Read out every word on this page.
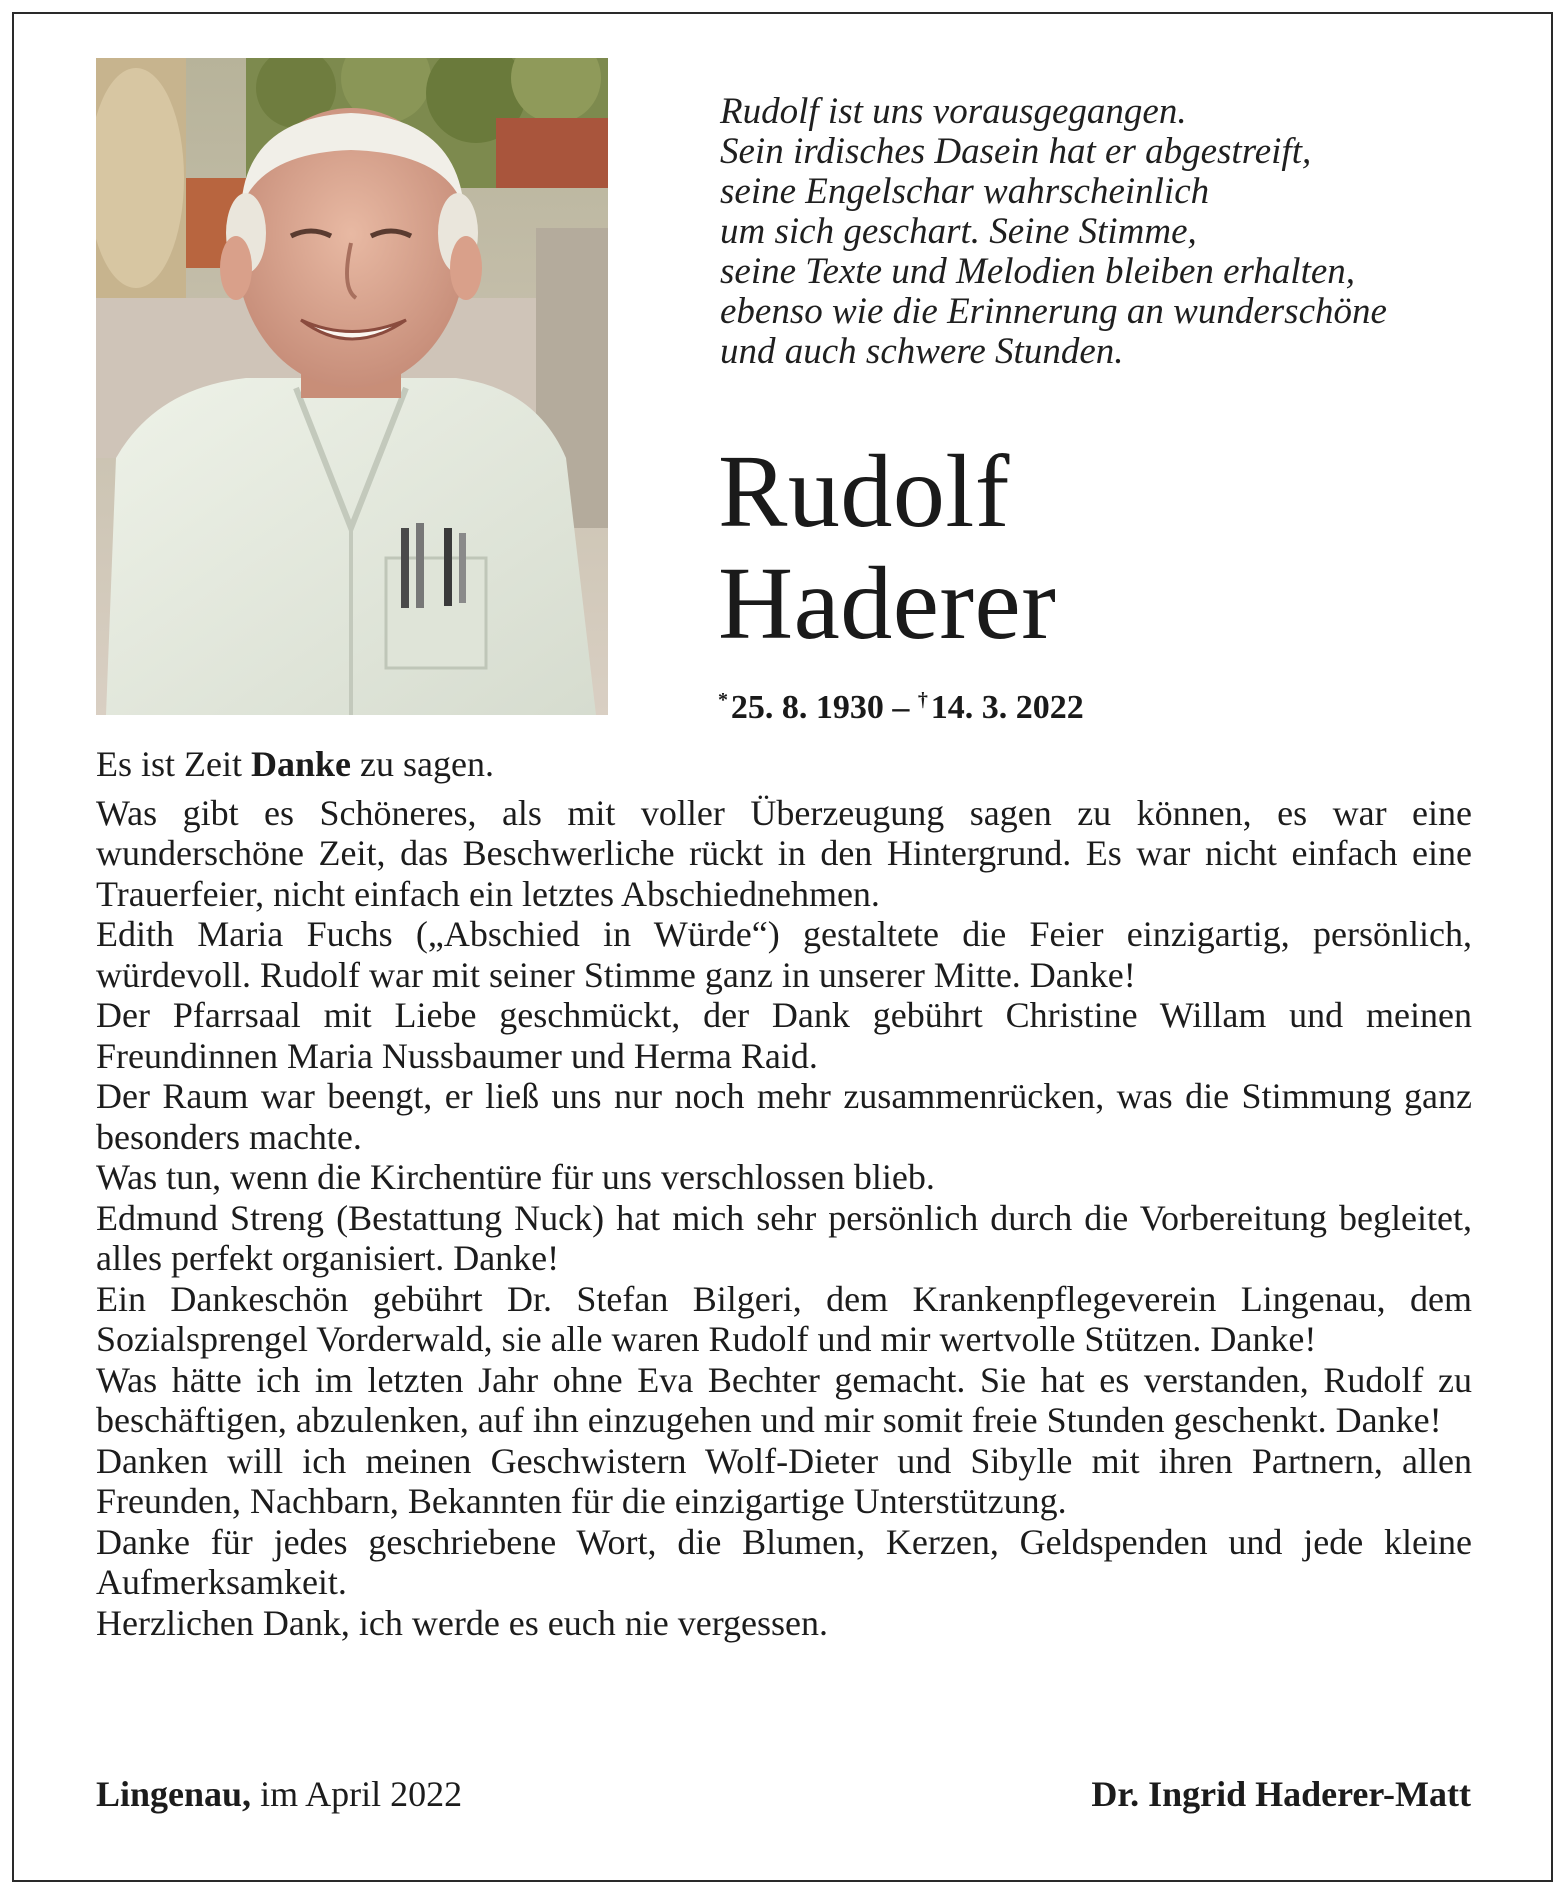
Rudolf ist uns vorausgegangen.
Sein irdisches Dasein hat er abgestreift,
seine Engelschar wahrscheinlich
um sich geschart. Seine Stimme,
seine Texte und Melodien bleiben erhalten,
ebenso wie die Erinnerung an wunderschöne
und auch schwere Stunden.
Rudolf
Haderer
* 25. 8. 1930 – † 14. 3. 2022
Es ist Zeit Danke zu sagen.
Was gibt es Schöneres, als mit voller Überzeugung sagen zu können, es war eine wunderschöne Zeit, das Beschwerliche rückt in den Hintergrund. Es war nicht einfach eine Trauerfeier, nicht einfach ein letztes Abschiednehmen.
Edith Maria Fuchs („Abschied in Würde“) gestaltete die Feier einzigartig, persönlich, würdevoll. Rudolf war mit seiner Stimme ganz in unserer Mitte. Danke!
Der Pfarrsaal mit Liebe geschmückt, der Dank gebührt Christine Willam und meinen Freundinnen Maria Nussbaumer und Herma Raid.
Der Raum war beengt, er ließ uns nur noch mehr zusammenrücken, was die Stimmung ganz besonders machte.
Was tun, wenn die Kirchentüre für uns verschlossen blieb.
Edmund Streng (Bestattung Nuck) hat mich sehr persönlich durch die Vorbereitung begleitet, alles perfekt organisiert. Danke!
Ein Dankeschön gebührt Dr. Stefan Bilgeri, dem Krankenpflegeverein Lingenau, dem Sozialsprengel Vorderwald, sie alle waren Rudolf und mir wertvolle Stützen. Danke!
Was hätte ich im letzten Jahr ohne Eva Bechter gemacht. Sie hat es verstanden, Rudolf zu beschäftigen, abzulenken, auf ihn einzugehen und mir somit freie Stunden geschenkt. Danke!
Danken will ich meinen Geschwistern Wolf-Dieter und Sibylle mit ihren Partnern, allen Freunden, Nachbarn, Bekannten für die einzigartige Unterstützung.
Danke für jedes geschriebene Wort, die Blumen, Kerzen, Geldspenden und jede kleine Aufmerksamkeit.
Herzlichen Dank, ich werde es euch nie vergessen.
Lingenau, im April 2022	Dr. Ingrid Haderer-Matt
